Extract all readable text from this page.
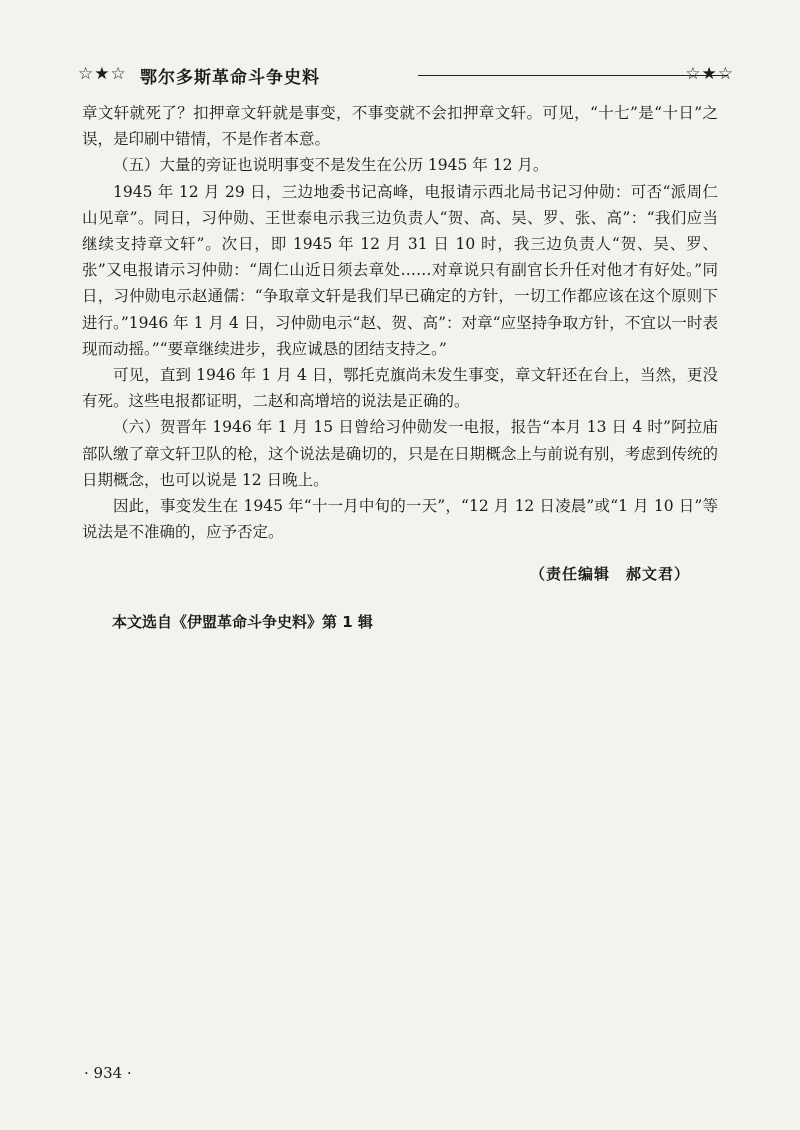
☆★☆ 鄂尔多斯革命斗争史料	☆★☆

章文轩就死了？扣押章文轩就是事变，不事变就不会扣押章文轩。可见，“十七”是“十日”之误，是印刷中错情，不是作者本意。

（五）大量的旁证也说明事变不是发生在公历 1945 年 12 月。

1945 年 12 月 29 日，三边地委书记高峰，电报请示西北局书记习仲勋：可否“派周仁山见章”。同日，习仲勋、王世泰电示我三边负责人“贺、高、吴、罗、张、高”：“我们应当继续支持章文轩”。次日，即 1945 年 12 月 31 日 10 时，我三边负责人“贺、吴、罗、张”又电报请示习仲勋：“周仁山近日须去章处……对章说只有副官长升任对他才有好处。”同日，习仲勋电示赵通儒：“争取章文轩是我们早已确定的方针，一切工作都应该在这个原则下进行。”1946 年 1 月 4 日，习仲勋电示“赵、贺、高”：对章“应坚持争取方针，不宜以一时表现而动摇。”“要章继续进步，我应诚恳的团结支持之。”

可见，直到 1946 年 1 月 4 日，鄂托克旗尚未发生事变，章文轩还在台上，当然，更没有死。这些电报都证明，二赵和高增培的说法是正确的。

（六）贺晋年 1946 年 1 月 15 日曾给习仲勋发一电报，报告“本月 13 日 4 时”阿拉庙部队缴了章文轩卫队的枪，这个说法是确切的，只是在日期概念上与前说有别，考虑到传统的日期概念，也可以说是 12 日晚上。

因此，事变发生在 1945 年“十一月中旬的一天”，“12 月 12 日凌晨”或“1 月 10 日”等说法是不准确的，应予否定。

（责任编辑　郝文君）
本文选自《伊盟革命斗争史料》第 1 辑
· 934 ·
